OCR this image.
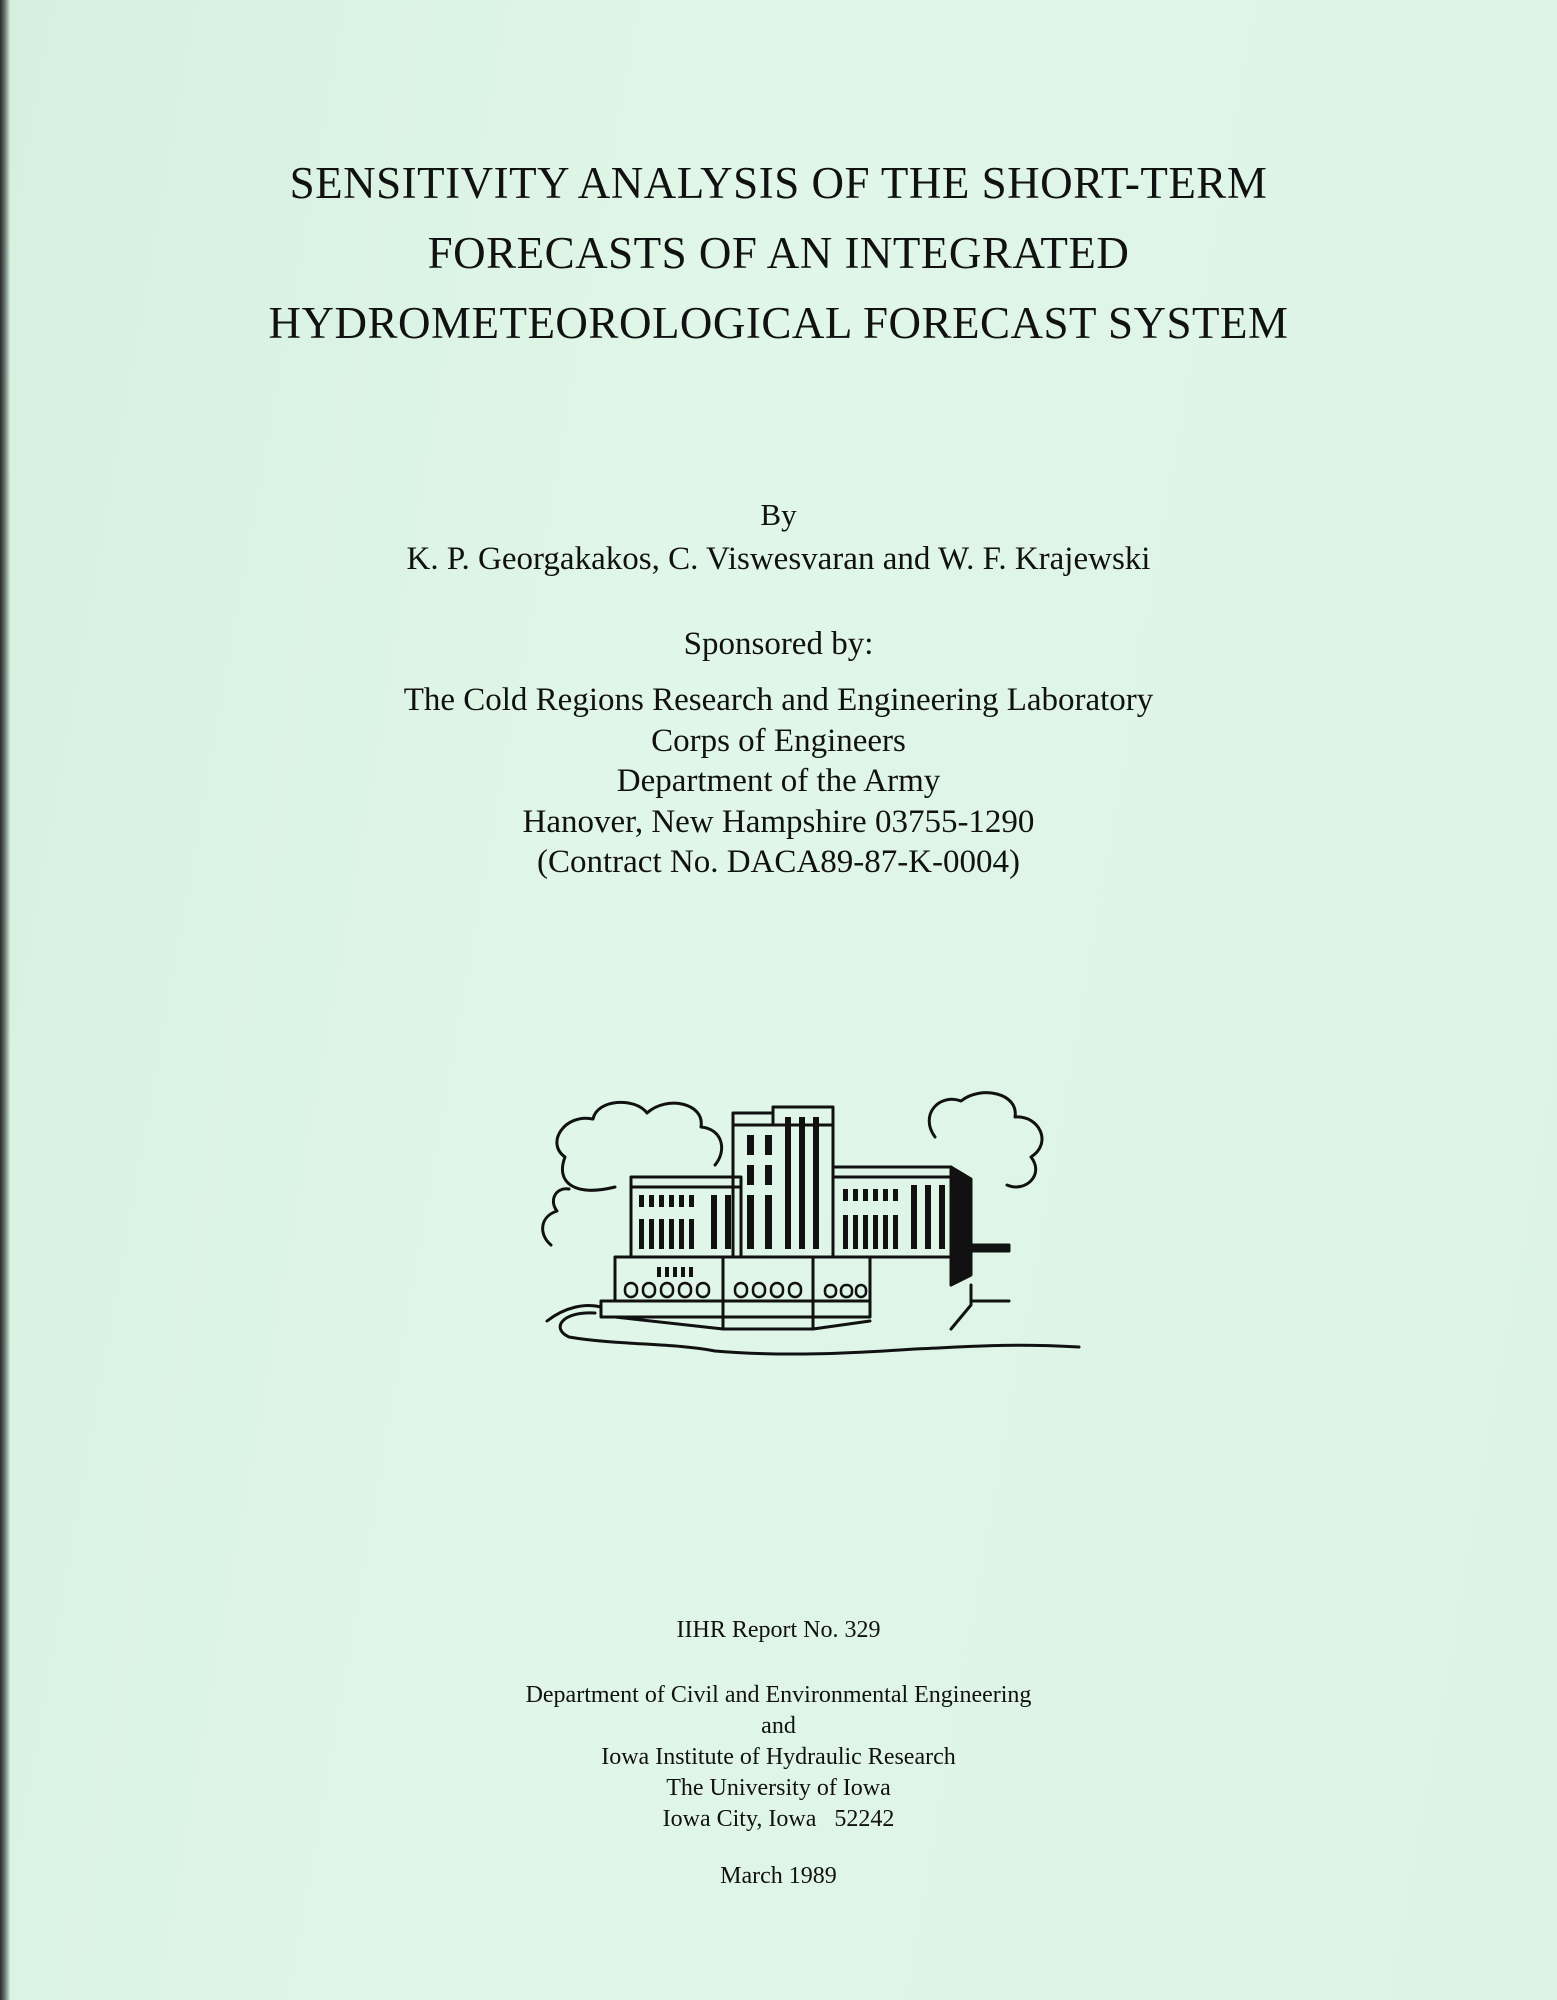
SENSITIVITY ANALYSIS OF THE SHORT-TERM
FORECASTS OF AN INTEGRATED
HYDROMETEOROLOGICAL FORECAST SYSTEM
By
K. P. Georgakakos, C. Viswesvaran and W. F. Krajewski
Sponsored by:
The Cold Regions Research and Engineering Laboratory
Corps of Engineers
Department of the Army
Hanover, New Hampshire 03755-1290
(Contract No. DACA89-87-K-0004)
IIHR Report No. 329
Department of Civil and Environmental Engineering
and
Iowa Institute of Hydraulic Research
The University of Iowa
Iowa City, Iowa   52242
March 1989
